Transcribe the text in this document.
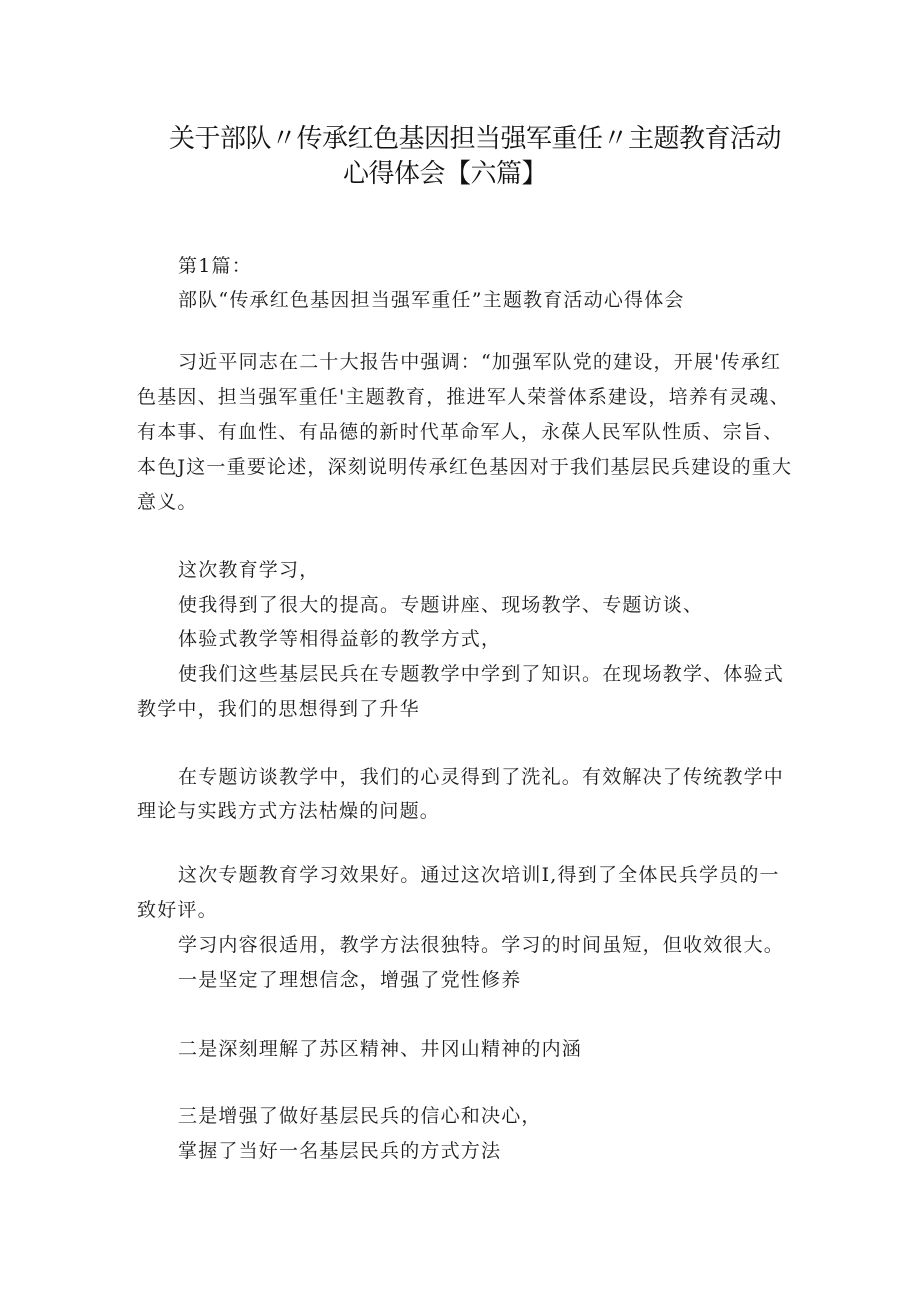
关于部队〃传承红色基因担当强军重任〃主题教育活动
心得体会【六篇】

第1篇：

部队“传承红色基因担当强军重任”主题教育活动心得体会

习近平同志在二十大报告中强调：“加强军队党的建设，开展'传承红

色基因、担当强军重任'主题教育，推进军人荣誉体系建设，培养有灵魂、

有本事、有血性、有品德的新时代革命军人，永葆人民军队性质、宗旨、

本色J这一重要论述，深刻说明传承红色基因对于我们基层民兵建设的重大

意义。

这次教育学习，

使我得到了很大的提高。专题讲座、现场教学、专题访谈、

体验式教学等相得益彰的教学方式，

使我们这些基层民兵在专题教学中学到了知识。在现场教学、体验式

教学中，我们的思想得到了升华

在专题访谈教学中，我们的心灵得到了洗礼。有效解决了传统教学中

理论与实践方式方法枯燥的问题。

这次专题教育学习效果好。通过这次培训I,得到了全体民兵学员的一

致好评。

学习内容很适用，教学方法很独特。学习的时间虽短，但收效很大。

一是坚定了理想信念，增强了党性修养

二是深刻理解了苏区精神、井冈山精神的内涵

三是增强了做好基层民兵的信心和决心，

掌握了当好一名基层民兵的方式方法
